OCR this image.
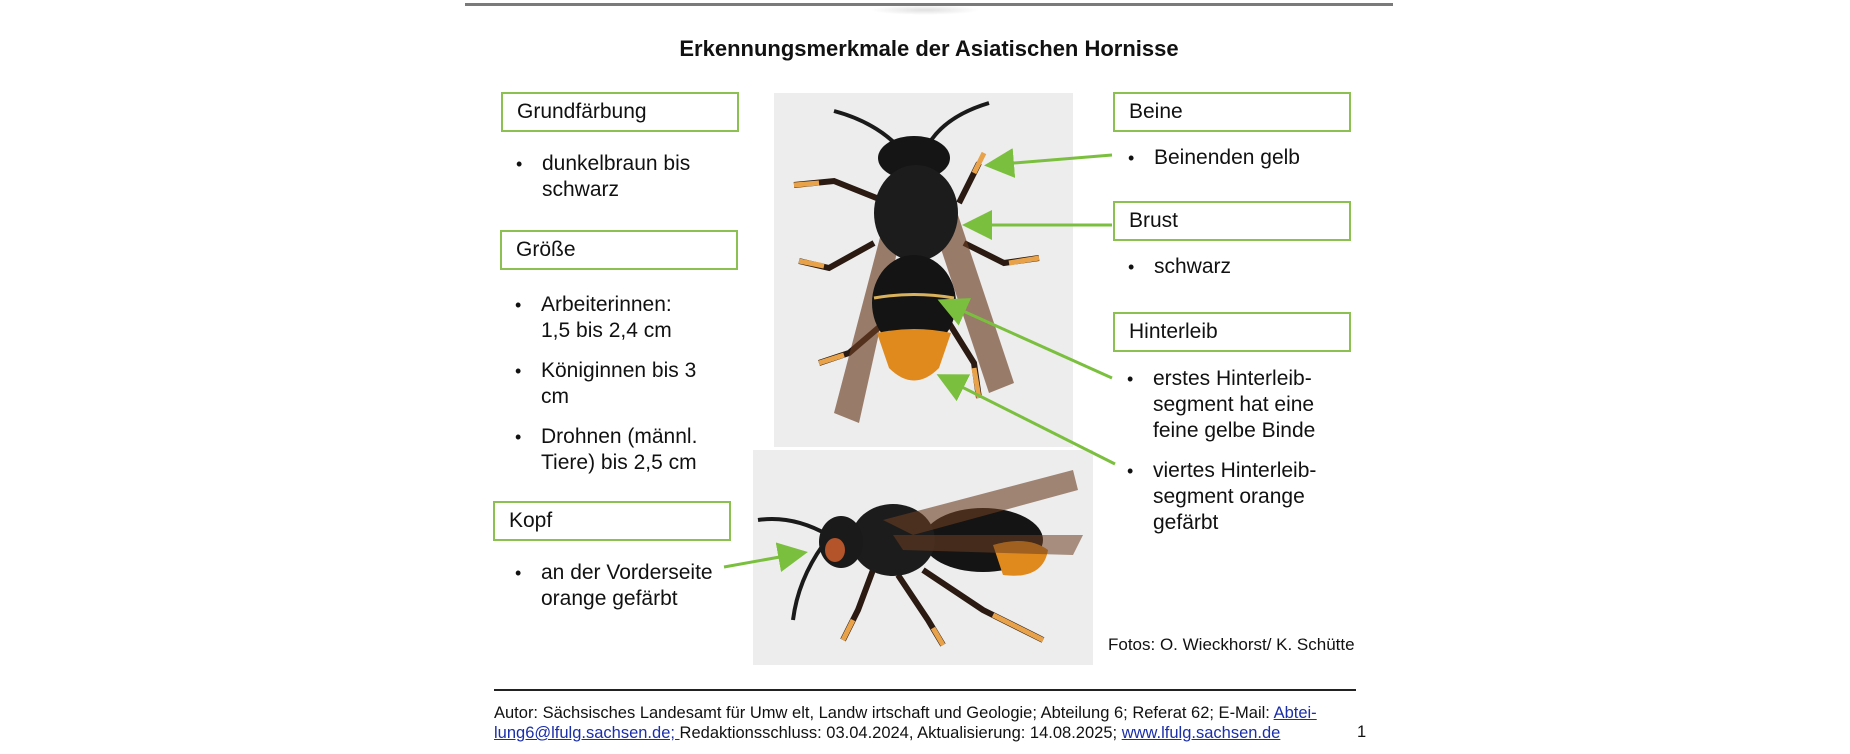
Erkennungsmerkmale der Asiatischen Hornisse
Grundfärbung
• dunkelbraun bis schwarz
Größe
• Arbeiterinnen: 1,5 bis 2,4 cm
• Königinnen bis 3 cm
• Drohnen (männl. Tiere) bis 2,5 cm
Kopf
• an der Vorderseite orange gefärbt
Beine
• Beinenden gelb
Brust
• schwarz
Hinterleib
• erstes Hinterleib-segment hat eine feine gelbe Binde
• viertes Hinterleib-segment orange gefärbt
Fotos: O. Wieckhorst/ K. Schütte
Autor: Sächsisches Landesamt für Umw elt, Landw irtschaft und Geologie; Abteilung 6; Referat 62; E-Mail: Abtei-lung6@lfulg.sachsen.de; Redaktionsschluss: 03.04.2024, Aktualisierung: 14.08.2025; www.lfulg.sachsen.de	1
